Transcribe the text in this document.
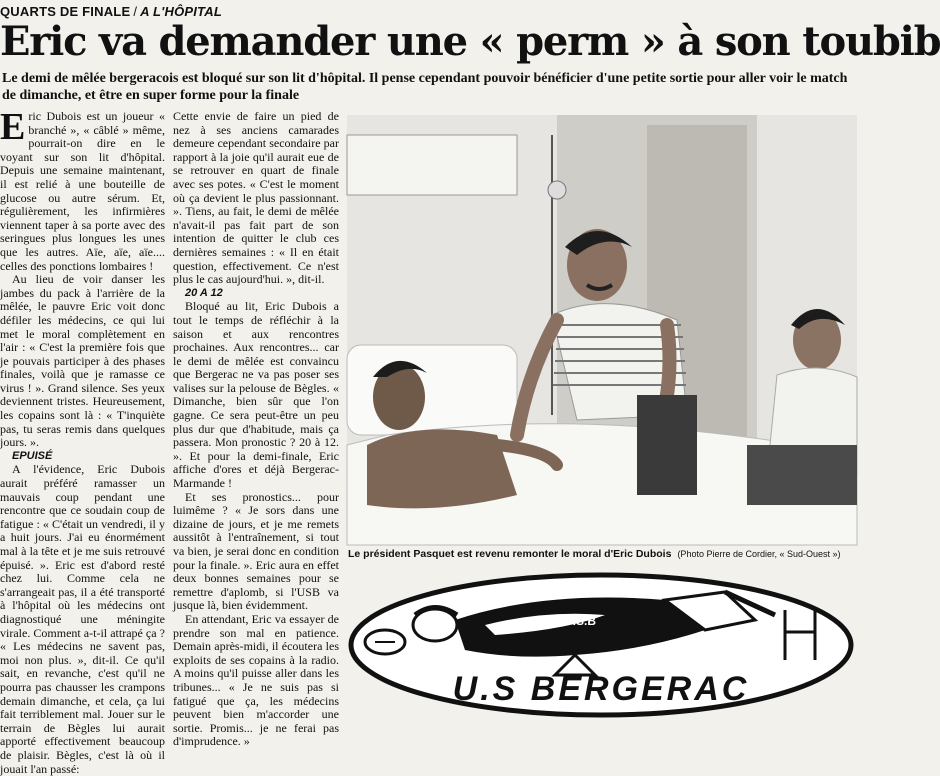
QUARTS DE FINALE / A L'HÔPITAL
Eric va demander une « perm » à son toubib
Le demi de mêlée bergeracois est bloqué sur son lit d'hôpital. Il pense cependant pouvoir bénéficier d'une petite sortie pour aller voir le match de dimanche, et être en super forme pour la finale

Eric Dubois est un joueur « branché », « câblé » même, pourrait-on dire en le voyant sur son lit d'hôpital. Depuis une semaine maintenant, il est relié à une bouteille de glucose ou autre sérum. Et, régulièrement, les infirmières viennent taper à sa porte avec des seringues plus longues les unes que les autres. Aïe, aïe, aïe.... celles des ponctions lombaires !

Au lieu de voir danser les jambes du pack à l'arrière de la mêlée, le pauvre Eric voit donc défiler les médecins, ce qui lui met le moral complètement en l'air : « C'est la première fois que je pouvais participer à des phases finales, voilà que je ramasse ce virus ! ». Grand silence. Ses yeux deviennent tristes. Heureusement, les copains sont là : « T'inquiète pas, tu seras remis dans quelques jours. ».

EPUISÉ

A l'évidence, Eric Dubois aurait préféré ramasser un mauvais coup pendant une rencontre que ce soudain coup de fatigue : « C'était un vendredi, il y a huit jours. J'ai eu énormément mal à la tête et je me suis retrouvé épuisé. ». Eric est d'abord resté chez lui. Comme cela ne s'arrangeait pas, il a été transporté à l'hôpital où les médecins ont diagnostiqué une méningite virale. Comment a-t-il attrapé ça ? « Les médecins ne savent pas, moi non plus. », dit-il. Ce qu'il sait, en revanche, c'est qu'il ne pourra pas chausser les crampons demain dimanche, et cela, ça lui fait terriblement mal. Jouer sur le terrain de Bègles lui aurait apporté effectivement beaucoup de plaisir. Bègles, c'est là où il jouait l'an passé:

Cette envie de faire un pied de nez à ses anciens camarades demeure cependant secondaire par rapport à la joie qu'il aurait eue de se retrouver en quart de finale avec ses potes. « C'est le moment où ça devient le plus passionnant. ». Tiens, au fait, le demi de mêlée n'avait-il pas fait part de son intention de quitter le club ces dernières semaines : « Il en était question, effectivement. Ce n'est plus le cas aujourd'hui. », dit-il.

20 A 12

Bloqué au lit, Eric Dubois a tout le temps de réfléchir à la saison et aux rencontres prochaines. Aux rencontres... car le demi de mêlée est convaincu que Bergerac ne va pas poser ses valises sur la pelouse de Bègles. « Dimanche, bien sûr que l'on gagne. Ce sera peut-être un peu plus dur que d'habitude, mais ça passera. Mon pronostic ? 20 à 12. ». Et pour la demi-finale, Eric affiche d'ores et déjà Bergerac-Marmande !

Et ses pronostics... pour luimême ? « Je sors dans une dizaine de jours, et je me remets aussitôt à l'entraînement, si tout va bien, je serai donc en condition pour la finale. ». Eric aura en effet deux bonnes semaines pour se remettre d'aplomb, si l'USB va jusque là, bien évidemment.

En attendant, Eric va essayer de prendre son mal en patience. Demain après-midi, il écoutera les exploits de ses copains à la radio. A moins qu'il puisse aller dans les tribunes... « Je ne suis pas si fatigué que ça, les médecins peuvent bien m'accorder une sortie. Promis... je ne ferai pas d'imprudence. »

Le président Pasquet est revenu remonter le moral d'Eric Dubois (Photo Pierre de Cordier, « Sud-Ouest »)
U.S.B
U.S BERGERAC
